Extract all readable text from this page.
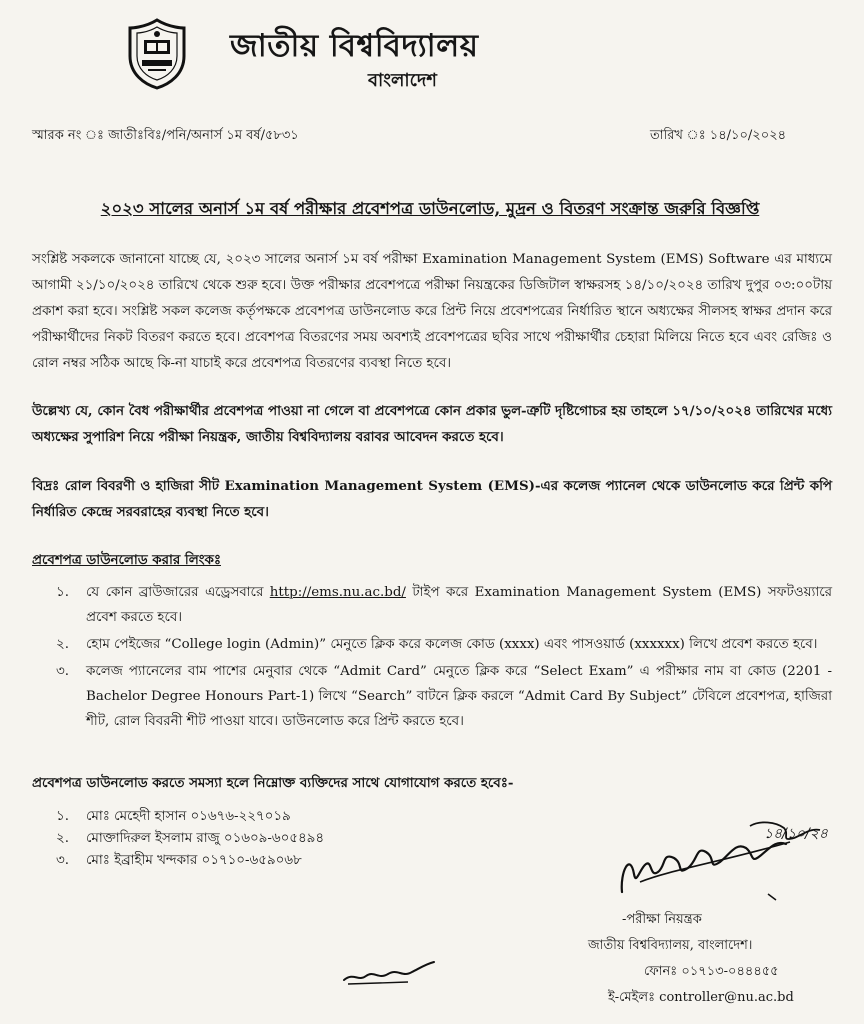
জাতীয় বিশ্ববিদ্যালয়
বাংলাদেশ
স্মারক নং ঃ জাতীঃবিঃ/পনি/অনার্স ১ম বর্ষ/৫৮৩১	তারিখ ঃ ১৪/১০/২০২৪
২০২৩ সালের অনার্স ১ম বর্ষ পরীক্ষার প্রবেশপত্র ডাউনলোড, মুদ্রন ও বিতরণ সংক্রান্ত জরুরি বিজ্ঞপ্তি
সংশ্লিষ্ট সকলকে জানানো যাচ্ছে যে, ২০২৩ সালের অনার্স ১ম বর্ষ পরীক্ষা Examination Management System (EMS) Software এর মাধ্যমে আগামী ২১/১০/২০২৪ তারিখে থেকে শুরু হবে। উক্ত পরীক্ষার প্রবেশপত্রে পরীক্ষা নিয়ন্ত্রকের ডিজিটাল স্বাক্ষরসহ ১৪/১০/২০২৪ তারিখ দুপুর ০৩:০০টায় প্রকাশ করা হবে। সংশ্লিষ্ট সকল কলেজ কর্তৃপক্ষকে প্রবেশপত্র ডাউনলোড করে প্রিন্ট নিয়ে প্রবেশপত্রের নির্ধারিত স্থানে অধ্যক্ষের সীলসহ স্বাক্ষর প্রদান করে পরীক্ষার্থীদের নিকট বিতরণ করতে হবে। প্রবেশপত্র বিতরণের সময় অবশ্যই প্রবেশপত্রের ছবির সাথে পরীক্ষার্থীর চেহারা মিলিয়ে নিতে হবে এবং রেজিঃ ও রোল নম্বর সঠিক আছে কি-না যাচাই করে প্রবেশপত্র বিতরণের ব্যবস্থা নিতে হবে।
উল্লেখ্য যে, কোন বৈধ পরীক্ষার্থীর প্রবেশপত্র পাওয়া না গেলে বা প্রবেশপত্রে কোন প্রকার ভুল-ত্রুটি দৃষ্টিগোচর হয় তাহলে ১৭/১০/২০২৪ তারিখের মধ্যে অধ্যক্ষের সুপারিশ নিয়ে পরীক্ষা নিয়ন্ত্রক, জাতীয় বিশ্ববিদ্যালয় বরাবর আবেদন করতে হবে।
বিদ্রঃ রোল বিবরণী ও হাজিরা সীট Examination Management System (EMS)-এর কলেজ প্যানেল থেকে ডাউনলোড করে প্রিন্ট কপি নির্ধারিত কেন্দ্রে সরবরাহের ব্যবস্থা নিতে হবে।
প্রবেশপত্র ডাউনলোড করার লিংকঃ
১. যে কোন ব্রাউজারের এড্রেসবারে http://ems.nu.ac.bd/ টাইপ করে Examination Management System (EMS) সফটওয়্যারে প্রবেশ করতে হবে।
২. হোম পেইজের “College login (Admin)” মেনুতে ক্লিক করে কলেজ কোড (xxxx) এবং পাসওয়ার্ড (xxxxxx) লিখে প্রবেশ করতে হবে।
৩. কলেজ প্যানেলের বাম পাশের মেনুবার থেকে “Admit Card” মেনুতে ক্লিক করে “Select Exam” এ পরীক্ষার নাম বা কোড (2201 - Bachelor Degree Honours Part-1) লিখে “Search” বাটনে ক্লিক করলে “Admit Card By Subject” টেবিলে প্রবেশপত্র, হাজিরা শীট, রোল বিবরনী শীট পাওয়া যাবে। ডাউনলোড করে প্রিন্ট করতে হবে।
প্রবেশপত্র ডাউনলোড করতে সমস্যা হলে নিম্নোক্ত ব্যক্তিদের সাথে যোগাযোগ করতে হবেঃ-
১. মোঃ মেহেদী হাসান ০১৬৭৬-২২৭০১৯
২. মোক্তাদিরুল ইসলাম রাজু ০১৬০৯-৬০৫৪৯৪
৩. মোঃ ইব্রাহীম খন্দকার ০১৭১০-৬৫৯০৬৮
১৪/১০/২৪
-পরীক্ষা নিয়ন্ত্রক
জাতীয় বিশ্ববিদ্যালয়, বাংলাদেশ।
ফোনঃ ০১৭১৩-০৪৪৪৫৫
ই-মেইলঃ controller@nu.ac.bd
